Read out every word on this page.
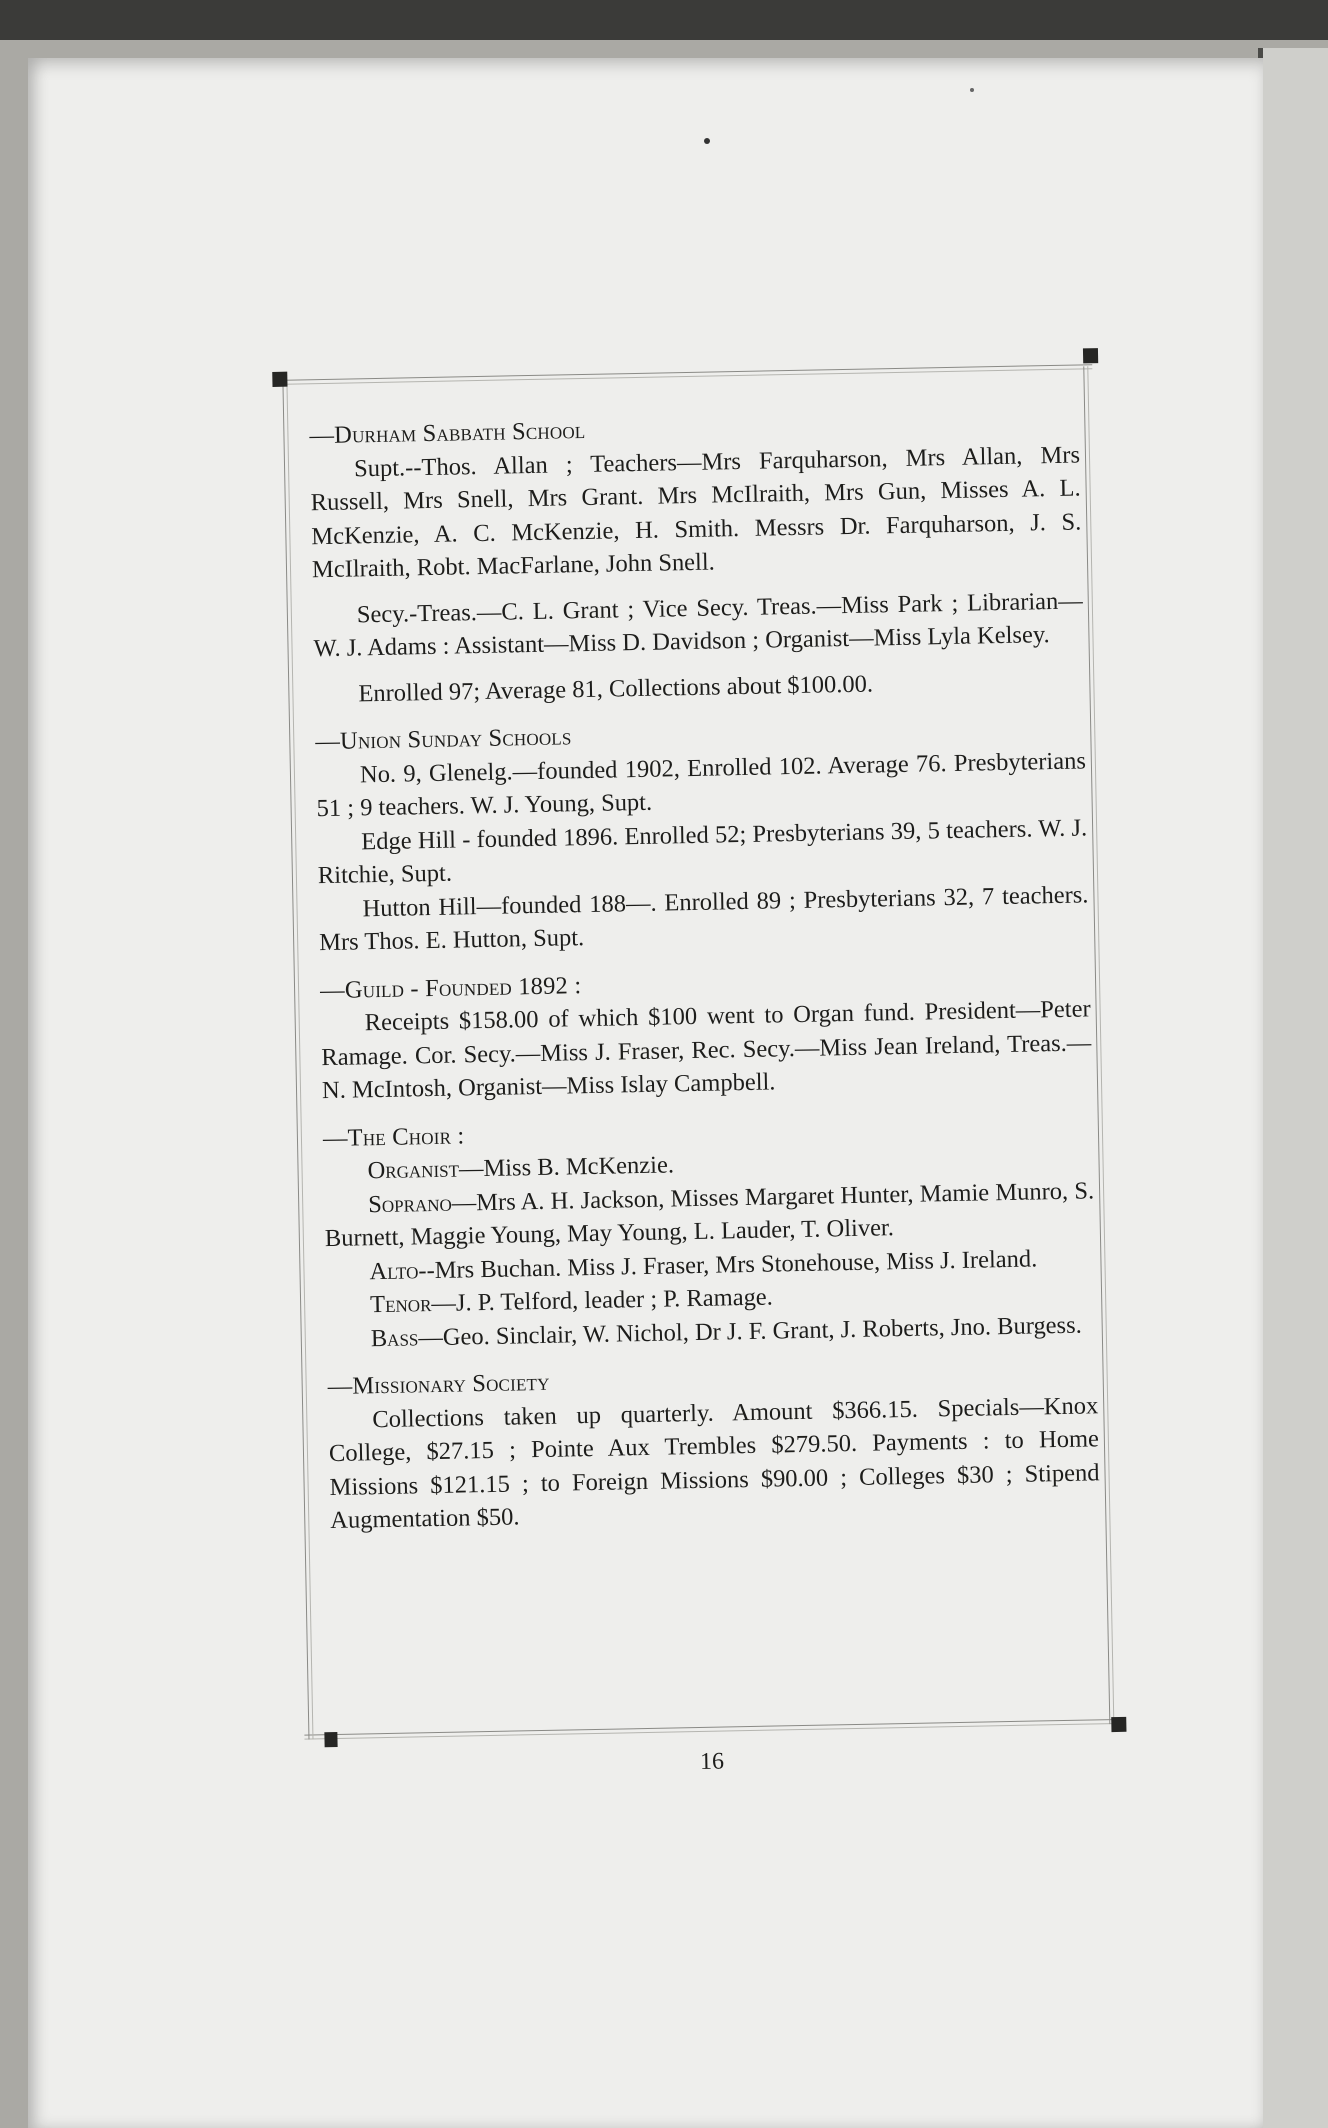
—Durham Sabbath School

Supt.--Thos. Allan ; Teachers—Mrs Farquharson, Mrs Allan, Mrs Russell, Mrs Snell, Mrs Grant. Mrs McIlraith, Mrs Gun, Misses A. L. McKenzie, A. C. McKenzie, H. Smith. Messrs Dr. Farquharson, J. S. McIlraith, Robt. MacFarlane, John Snell.

Secy.-Treas.—C. L. Grant ; Vice Secy. Treas.—Miss Park ; Librarian—W. J. Adams : Assistant—Miss D. Davidson ; Organist—Miss Lyla Kelsey.

Enrolled 97; Average 81, Collections about $100.00.

—Union Sunday Schools

No. 9, Glenelg.—founded 1902, Enrolled 102. Average 76. Presbyterians 51 ; 9 teachers. W. J. Young, Supt.

Edge Hill - founded 1896. Enrolled 52; Presbyterians 39, 5 teachers. W. J. Ritchie, Supt.

Hutton Hill—founded 188—. Enrolled 89 ; Presbyterians 32, 7 teachers. Mrs Thos. E. Hutton, Supt.

—Guild - Founded 1892 :

Receipts $158.00 of which $100 went to Organ fund. President—Peter Ramage. Cor. Secy.—Miss J. Fraser, Rec. Secy.—Miss Jean Ireland, Treas.—N. McIntosh, Organist—Miss Islay Campbell.

—The Choir :

Organist—Miss B. McKenzie.

Soprano—Mrs A. H. Jackson, Misses Margaret Hunter, Mamie Munro, S. Burnett, Maggie Young, May Young, L. Lauder, T. Oliver.

Alto--Mrs Buchan. Miss J. Fraser, Mrs Stonehouse, Miss J. Ireland.

Tenor—J. P. Telford, leader ; P. Ramage.

Bass—Geo. Sinclair, W. Nichol, Dr J. F. Grant, J. Roberts, Jno. Burgess.

—Missionary Society

Collections taken up quarterly. Amount $366.15. Specials—Knox College, $27.15 ; Pointe Aux Trembles $279.50. Payments : to Home Missions $121.15 ; to Foreign Missions $90.00 ; Colleges $30 ; Stipend Augmentation $50.

16
